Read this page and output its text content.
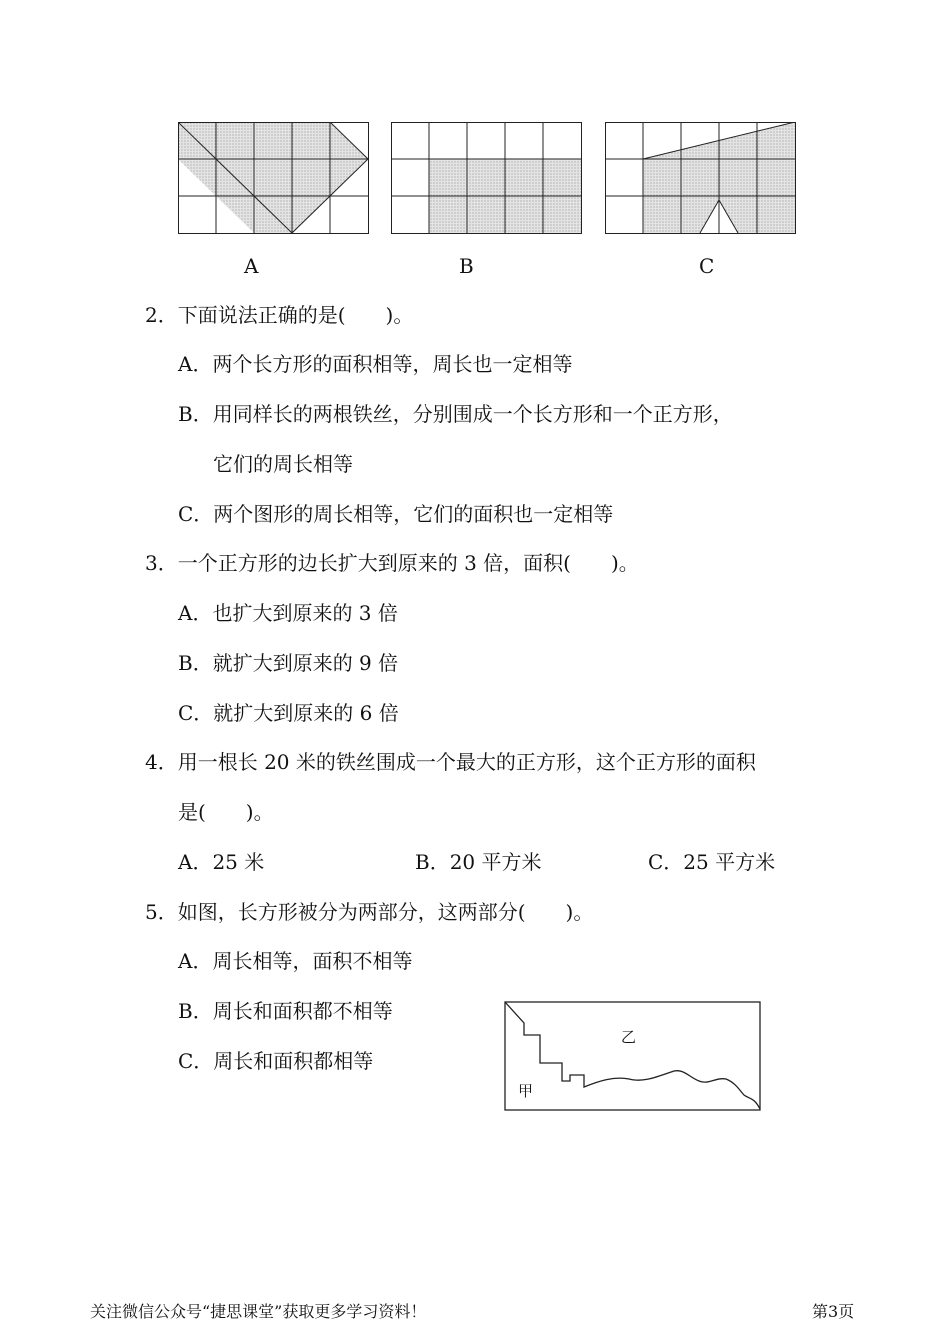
A	B	C
2．下面说法正确的是(　　)。
A．两个长方形的面积相等，周长也一定相等
B．用同样长的两根铁丝，分别围成一个长方形和一个正方形，
它们的周长相等
C．两个图形的周长相等，它们的面积也一定相等
3．一个正方形的边长扩大到原来的 3 倍，面积(　　)。
A．也扩大到原来的 3 倍
B．就扩大到原来的 9 倍
C．就扩大到原来的 6 倍
4．用一根长 20 米的铁丝围成一个最大的正方形，这个正方形的面积
是(　　)。
A．25 米	B．20 平方米	C．25 平方米
5．如图，长方形被分为两部分，这两部分(　　)。
A．周长相等，面积不相等
B．周长和面积都不相等
C．周长和面积都相等
乙
甲
关注微信公众号“捷思课堂”获取更多学习资料！	第3页
